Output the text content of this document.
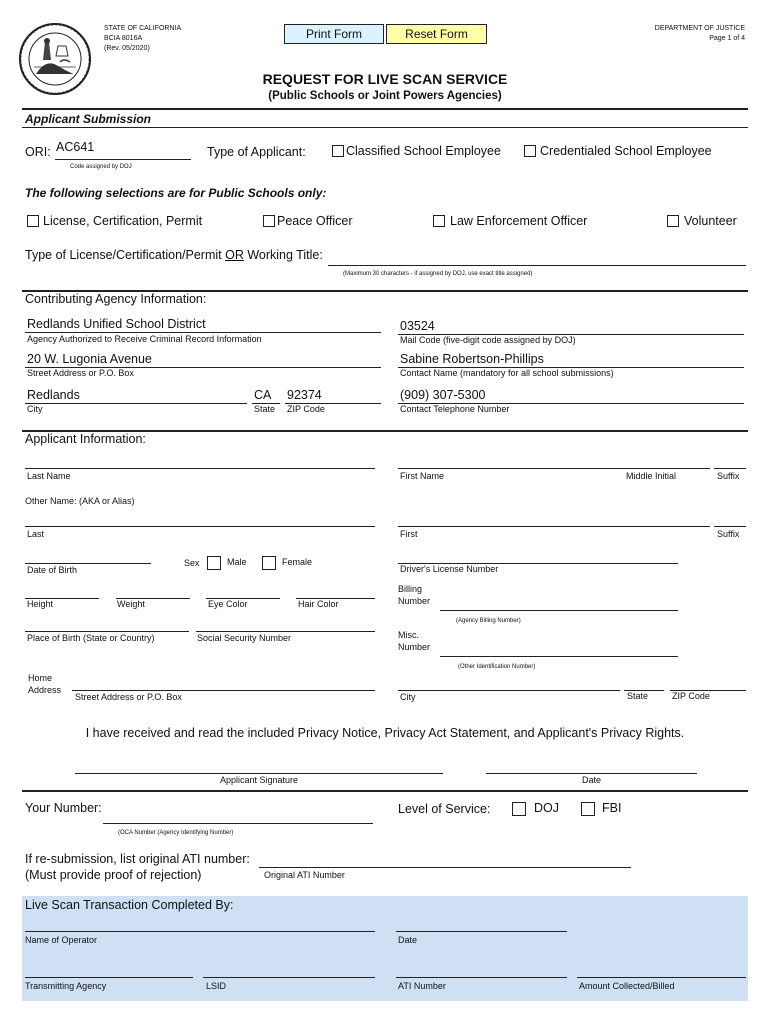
STATE OF CALIFORNIA
BCIA 8016A
(Rev. 05/2020)
Print Form	Reset Form	DEPARTMENT OF JUSTICE
Page 1 of 4
REQUEST FOR LIVE SCAN SERVICE
(Public Schools or Joint Powers Agencies)
Applicant Submission
ORI: AC641
Code assigned by DOJ
Type of Applicant:	Classified School Employee	Credentialed School Employee
The following selections are for Public Schools only:
License, Certification, Permit	Peace Officer	Law Enforcement Officer	Volunteer
Type of License/Certification/Permit OR Working Title:
(Maximum 30 characters - if assigned by DOJ, use exact title assigned)
Contributing Agency Information:
Redlands Unified School District
Agency Authorized to Receive Criminal Record Information
03524
Mail Code (five-digit code assigned by DOJ)
20 W. Lugonia Avenue
Street Address or P.O. Box
Sabine Robertson-Phillips
Contact Name (mandatory for all school submissions)
Redlands
City
CA
State
92374
ZIP Code
(909) 307-5300
Contact Telephone Number
Applicant Information:
Last Name	First Name	Middle Initial	Suffix
Other Name: (AKA or Alias)
Last	First	Suffix
Date of Birth
Sex	Male	Female
Driver's License Number
Height	Weight	Eye Color	Hair Color
Billing
Number
(Agency Billing Number)
Place of Birth (State or Country)	Social Security Number	Misc.
Number
(Other Identification Number)
Home
Address
Street Address or P.O. Box	City	State	ZIP Code
I have received and read the included Privacy Notice, Privacy Act Statement, and Applicant's Privacy Rights.
Applicant Signature	Date
Your Number:
(OCA Number (Agency Identifying Number)
Level of Service:	DOJ	FBI
If re-submission, list original ATI number:
(Must provide proof of rejection)	Original ATI Number
Live Scan Transaction Completed By:
Name of Operator	Date
Transmitting Agency	LSID	ATI Number	Amount Collected/Billed
